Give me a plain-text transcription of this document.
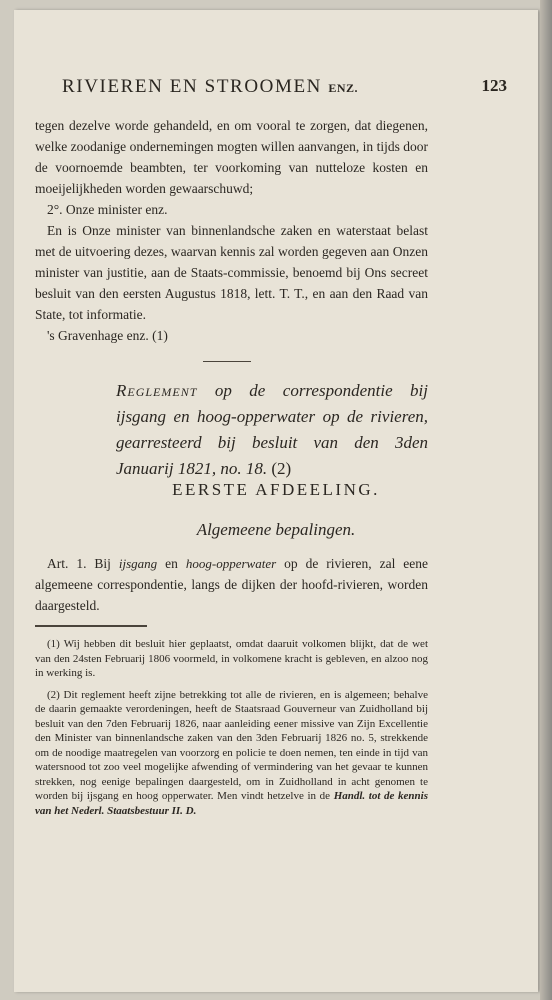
RIVIEREN EN STROOMEN ENZ.	123

tegen dezelve worde gehandeld, en om vooral te zorgen, dat diegenen, welke zoodanige ondernemingen mogten willen aanvangen, in tijds door de voornoemde beambten, ter voorkoming van nutteloze kosten en moeijelijkheden worden gewaarschuwd;

2°. Onze minister enz.

En is Onze minister van binnenlandsche zaken en waterstaat belast met de uitvoering dezes, waarvan kennis zal worden gegeven aan Onzen minister van justitie, aan de Staats-commissie, benoemd bij Ons secreet besluit van den eersten Augustus 1818, lett. T. T., en aan den Raad van State, tot informatie.

's Gravenhage enz. (1)

Reglement op de correspondentie bij ijsgang en hoog-opperwater op de rivieren, gearresteerd bij besluit van den 3den Januarij 1821, no. 18. (2)
EERSTE AFDEELING.
Algemeene bepalingen.
Art. 1. Bij ijsgang en hoog-opperwater op de rivieren, zal eene algemeene correspondentie, langs de dijken der hoofd-rivieren, worden daargesteld.

(1) Wij hebben dit besluit hier geplaatst, omdat daaruit volkomen blijkt, dat de wet van den 24sten Februarij 1806 voormeld, in volkomene kracht is gebleven, en alzoo nog in werking is.

(2) Dit reglement heeft zijne betrekking tot alle de rivieren, en is algemeen; behalve de daarin gemaakte verordeningen, heeft de Staatsraad Gouverneur van Zuidholland bij besluit van den 7den Februarij 1826, naar aanleiding eener missive van Zijn Excellentie den Minister van binnenlandsche zaken van den 3den Februarij 1826 no. 5, strekkende om de noodige maatregelen van voorzorg en policie te doen nemen, ten einde in tijd van watersnood tot zoo veel mogelijke afwending of vermindering van het gevaar te kunnen strekken, nog eenige bepalingen daargesteld, om in Zuidholland in acht genomen te worden bij ijsgang en hoog opperwater. Men vindt hetzelve in de Handl. tot de kennis van het Nederl. Staatsbestuur II. D.
